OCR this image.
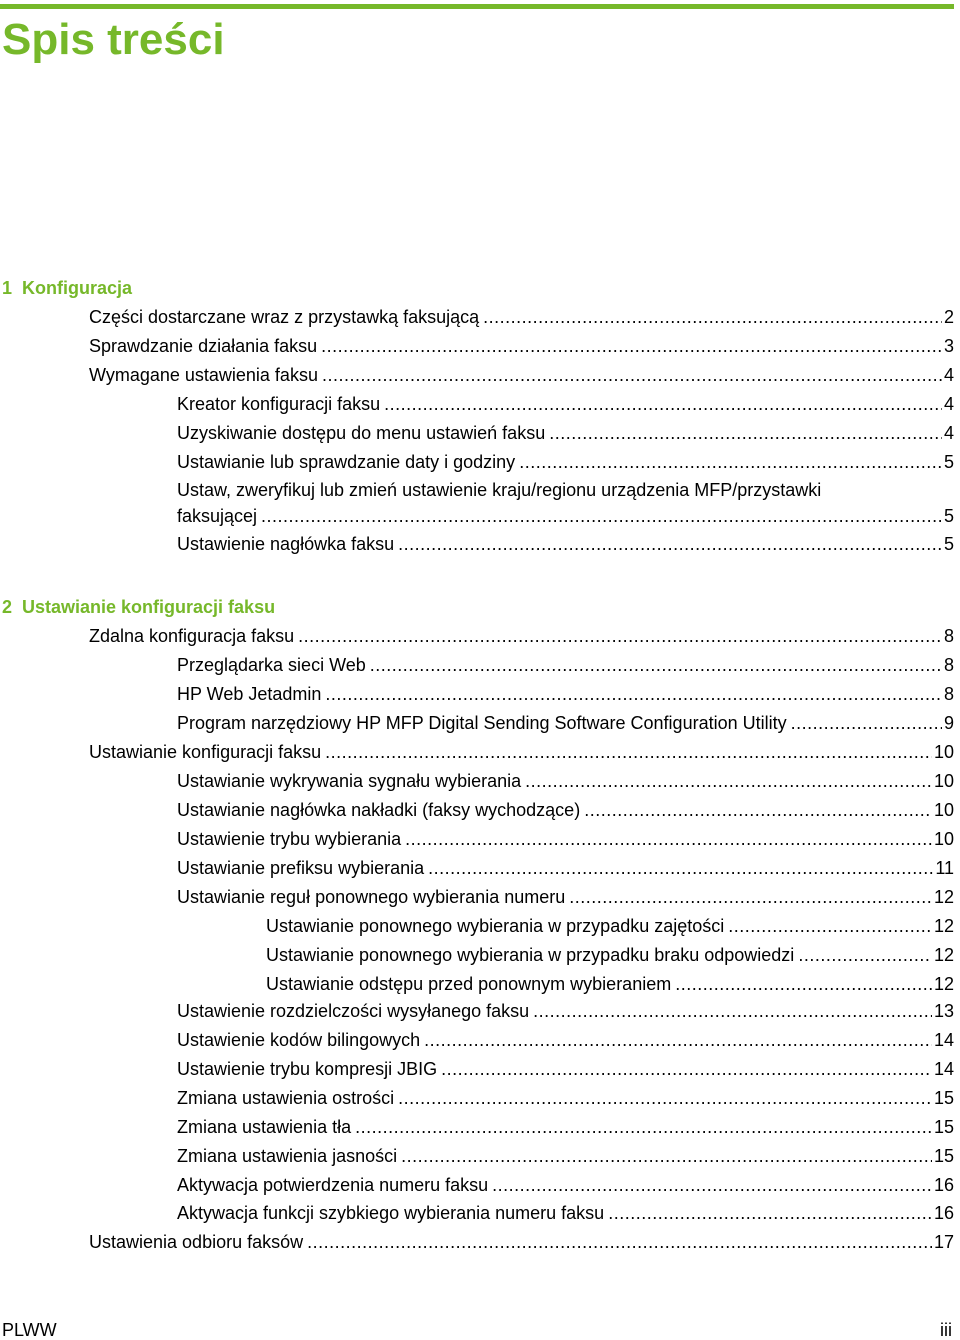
Spis treści
1 Konfiguracja
Części dostarczane wraz z przystawką faksującą .....	2
Sprawdzanie działania faksu .....	3
Wymagane ustawienia faksu .....	4
Kreator konfiguracji faksu .....	4
Uzyskiwanie dostępu do menu ustawień faksu .....	4
Ustawianie lub sprawdzanie daty i godziny .....	5
Ustaw, zweryfikuj lub zmień ustawienie kraju/regionu urządzenia MFP/przystawki
faksującej .....	5
Ustawienie nagłówka faksu .....	5
2 Ustawianie konfiguracji faksu
Zdalna konfiguracja faksu .....	8
Przeglądarka sieci Web .....	8
HP Web Jetadmin .....	8
Program narzędziowy HP MFP Digital Sending Software Configuration Utility .....	9
Ustawianie konfiguracji faksu .....	10
Ustawianie wykrywania sygnału wybierania .....	10
Ustawianie nagłówka nakładki (faksy wychodzące) .....	10
Ustawienie trybu wybierania .....	10
Ustawianie prefiksu wybierania .....	11
Ustawianie reguł ponownego wybierania numeru .....	12
Ustawianie ponownego wybierania w przypadku zajętości .....	12
Ustawianie ponownego wybierania w przypadku braku odpowiedzi .....	12
Ustawianie odstępu przed ponownym wybieraniem .....	12
Ustawienie rozdzielczości wysyłanego faksu .....	13
Ustawienie kodów bilingowych .....	14
Ustawienie trybu kompresji JBIG .....	14
Zmiana ustawienia ostrości .....	15
Zmiana ustawienia tła .....	15
Zmiana ustawienia jasności .....	15
Aktywacja potwierdzenia numeru faksu .....	16
Aktywacja funkcji szybkiego wybierania numeru faksu .....	16
Ustawienia odbioru faksów .....	17
PLWW	iii
